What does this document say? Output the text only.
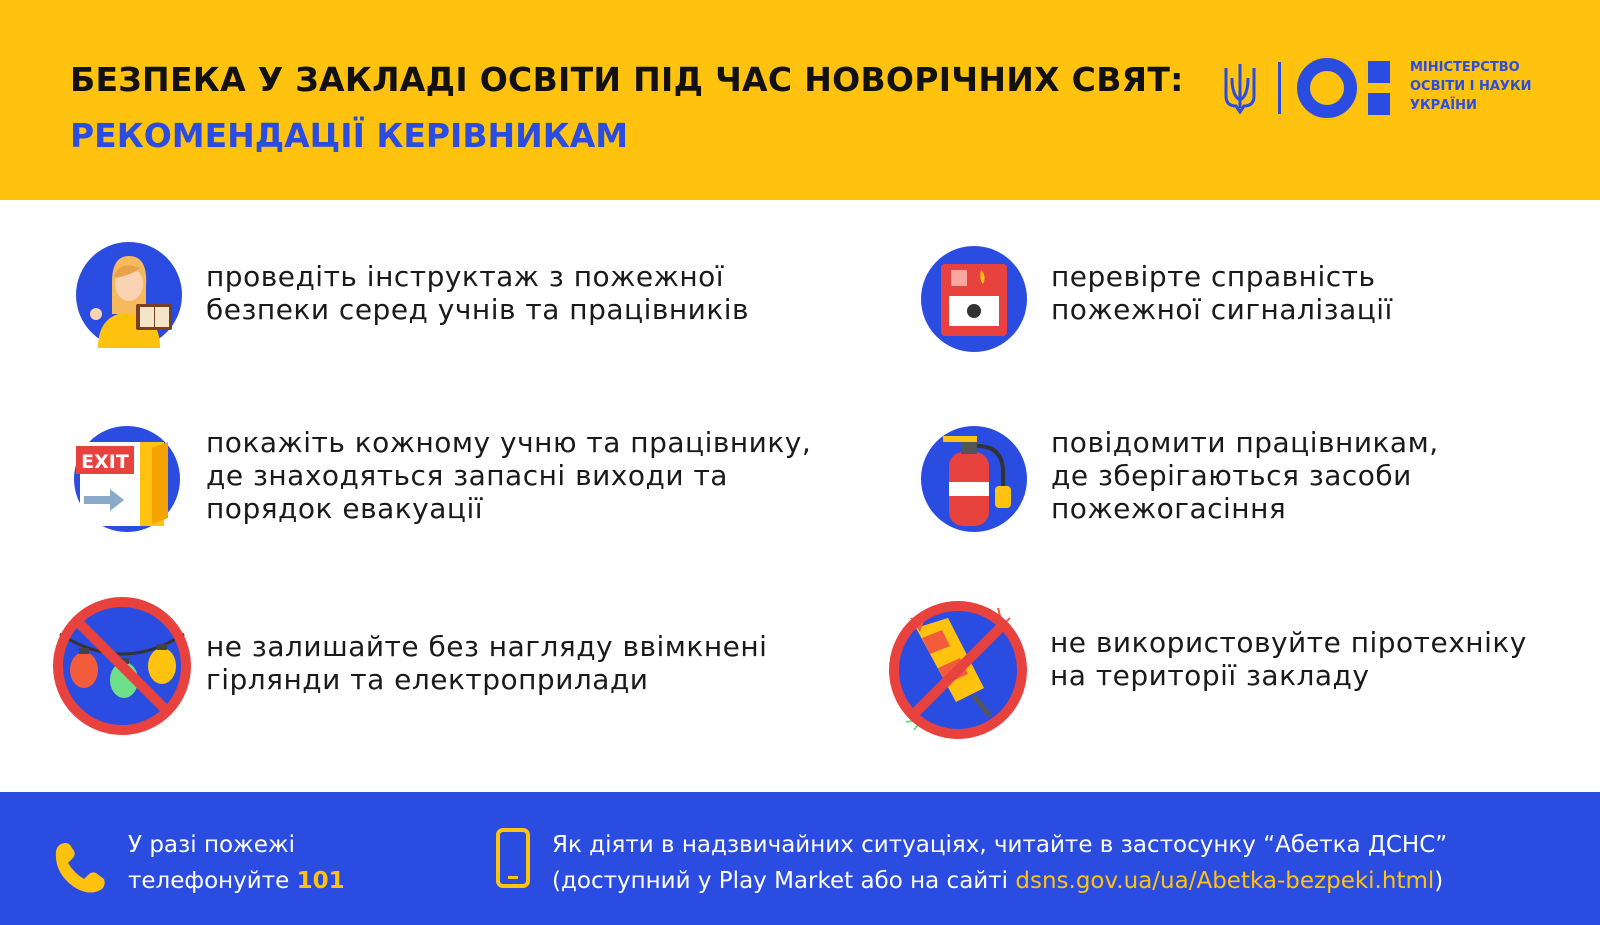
БЕЗПЕКА У ЗАКЛАДІ ОСВІТИ ПІД ЧАС НОВОРІЧНИХ СВЯТ:
РЕКОМЕНДАЦІЇ КЕРІВНИКАМ
МІНІСТЕРСТВО
ОСВІТИ І НАУКИ
УКРАЇНИ
проведіть інструктаж з пожежної
безпеки серед учнів та працівників
перевірте справність
пожежної сигналізації
EXIT
покажіть кожному учню та працівнику,
де знаходяться запасні виходи та
порядок евакуації
повідомити працівникам,
де зберігаються засоби
пожежогасіння
не залишайте без нагляду ввімкнені
гірлянди та електроприлади
не використовуйте піротехніку
на території закладу
У разі пожежі
телефонуйте 101
Як діяти в надзвичайних ситуаціях, читайте в застосунку “Абетка ДСНС”
(доступний у Play Market або на сайті dsns.gov.ua/ua/Abetka-bezpeki.html)
